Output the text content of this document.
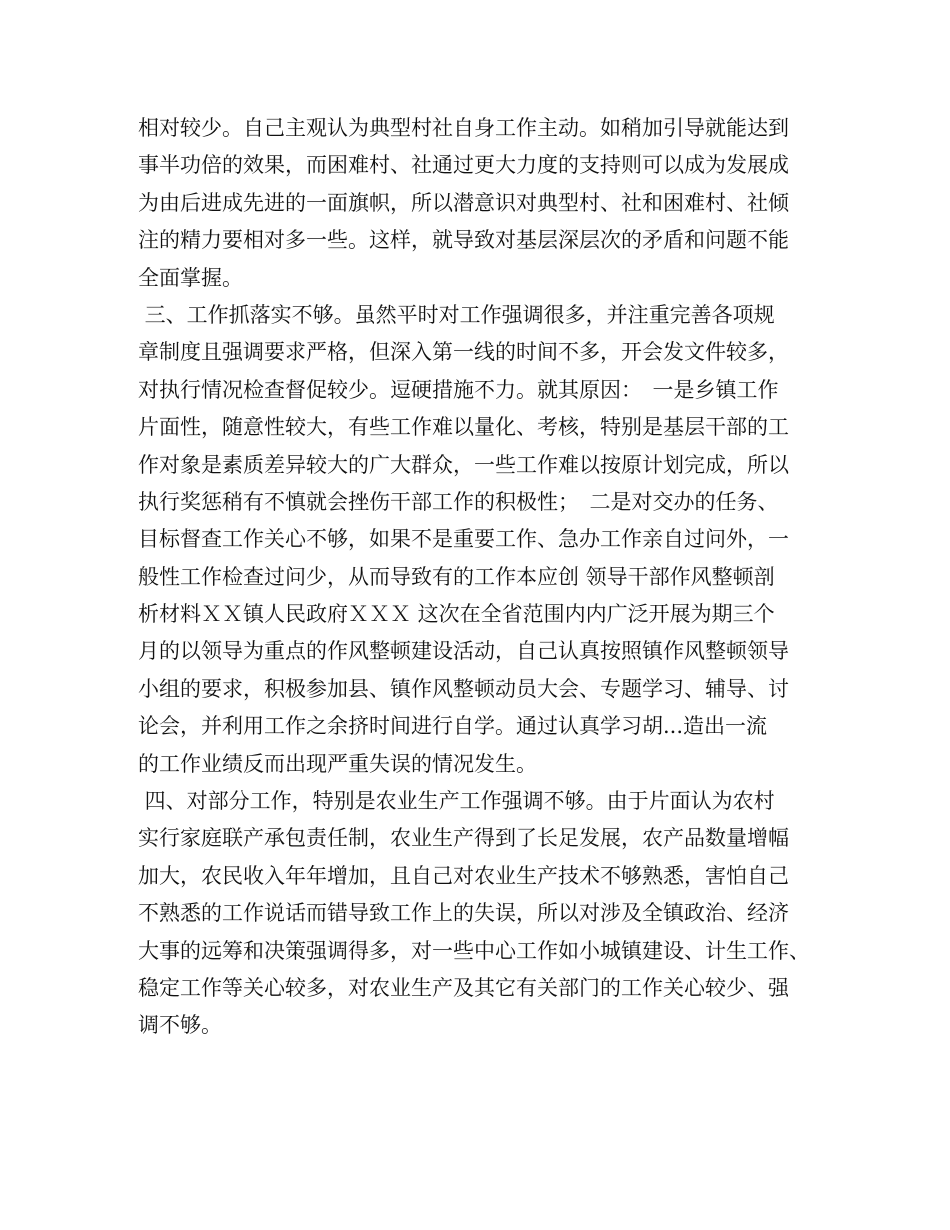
相对较少。自己主观认为典型村社自身工作主动。如稍加引导就能达到
事半功倍的效果，而困难村、社通过更大力度的支持则可以成为发展成
为由后进成先进的一面旗帜，所以潜意识对典型村、社和困难村、社倾
注的精力要相对多一些。这样，就导致对基层深层次的矛盾和问题不能
全面掌握。
三、工作抓落实不够。虽然平时对工作强调很多，并注重完善各项规
章制度且强调要求严格，但深入第一线的时间不多，开会发文件较多，
对执行情况检查督促较少。逗硬措施不力。就其原因：　一是乡镇工作
片面性，随意性较大，有些工作难以量化、考核，特别是基层干部的工
作对象是素质差异较大的广大群众，一些工作难以按原计划完成，所以
执行奖惩稍有不慎就会挫伤干部工作的积极性；　二是对交办的任务、
目标督查工作关心不够，如果不是重要工作、急办工作亲自过问外，一
般性工作检查过问少，从而导致有的工作本应创 领导干部作风整顿剖
析材料ＸＸ镇人民政府ＸＸＸ 这次在全省范围内内广泛开展为期三个
月的以领导为重点的作风整顿建设活动，自己认真按照镇作风整顿领导
小组的要求，积极参加县、镇作风整顿动员大会、专题学习、辅导、讨
论会，并利用工作之余挤时间进行自学。通过认真学习胡...造出一流
的工作业绩反而出现严重失误的情况发生。
四、对部分工作，特别是农业生产工作强调不够。由于片面认为农村
实行家庭联产承包责任制，农业生产得到了长足发展，农产品数量增幅
加大，农民收入年年增加，且自己对农业生产技术不够熟悉，害怕自己
不熟悉的工作说话而错导致工作上的失误，所以对涉及全镇政治、经济
大事的远筹和决策强调得多，对一些中心工作如小城镇建设、计生工作、
稳定工作等关心较多，对农业生产及其它有关部门的工作关心较少、强
调不够。
